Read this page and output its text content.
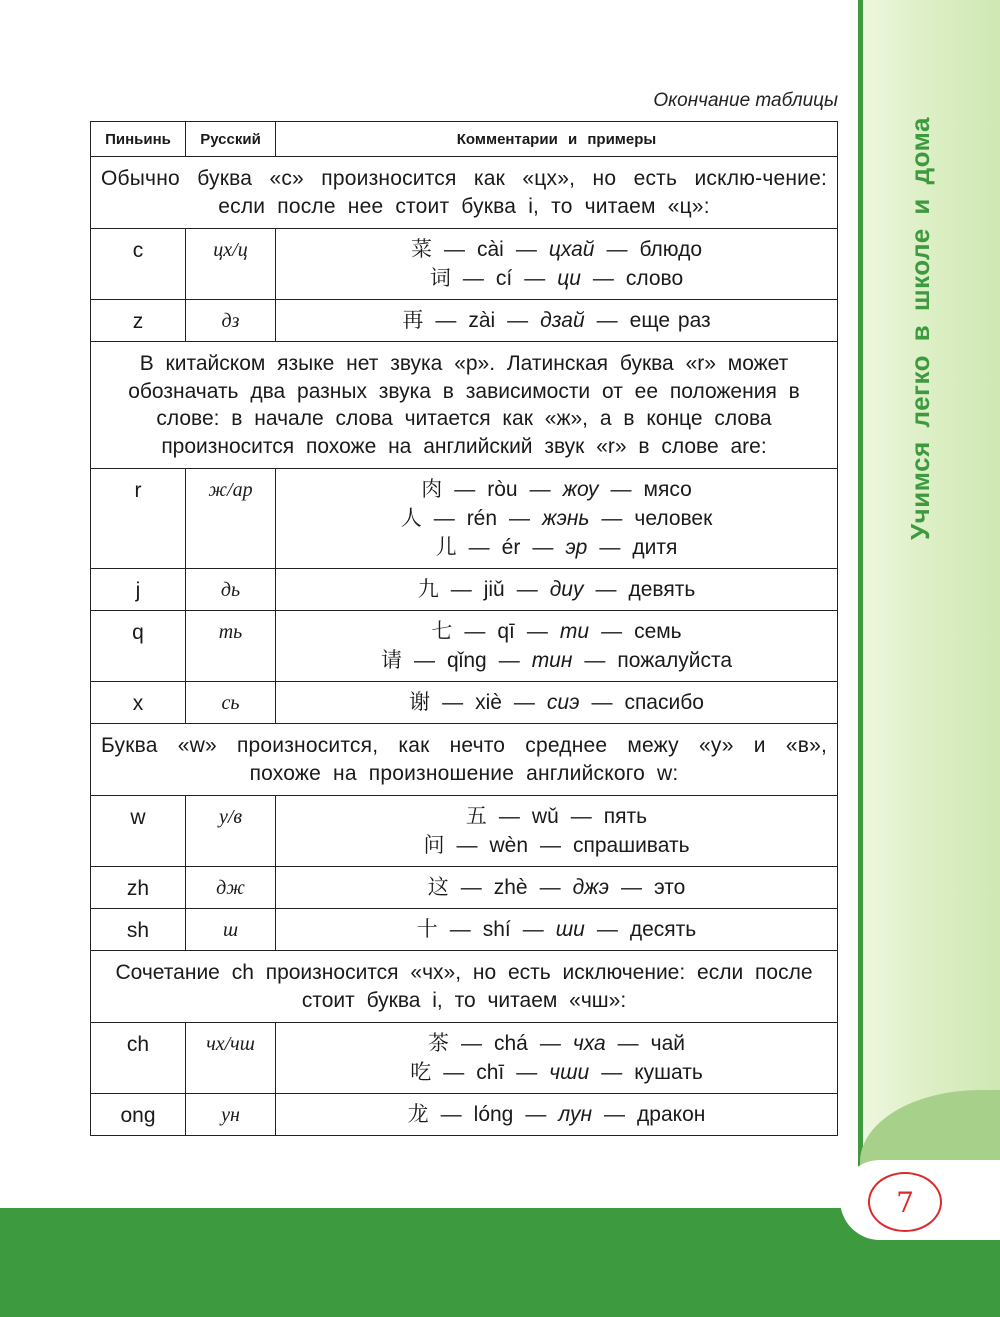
Учимся легко в школе и дома
7
Окончание таблицы
Пиньинь	Русский	Комментарии и примеры
Обычно буква «c» произносится как «цх», но есть исклю-чение: если после нее стоит буква i, то читаем «ц»:		
c	цх/ц	菜 — cài — цхай — блюдо
词 — cí — ци — слово

z	дз	再 — zài — дзай — еще раз

В китайском языке нет звука «р». Латинская буква «r» может обозначать два разных звука в зависимости от ее положения в слове: в начале слова читается как «ж», а в конце слова произносится похоже на английский звук «r» в слове are:		
r	ж/ар	肉 — ròu — жоу — мясо
人 — rén — жэнь — человек
儿 — ér — эр — дитя

j	дь	九 — jiǔ — диу — девять

q	ть	七 — qī — ти — семь
请 — qǐng — тин — пожалуйста

x	сь	谢 — xiè — сиэ — спасибо

Буква «w» произносится, как нечто среднее межу «у» и «в», похоже на произношение английского w:		
w	у/в	五 — wǔ — пять
问 — wèn — спрашивать

zh	дж	这 — zhè — джэ — это

sh	ш	十 — shí — ши — десять

Сочетание ch произносится «чх», но есть исключение: если после стоит буква i, то читаем «чш»:		
ch	чх/чш	茶 — chá — чха — чай
吃 — chī — чши — кушать

ong	ун	龙 — lóng — лун — дракон
